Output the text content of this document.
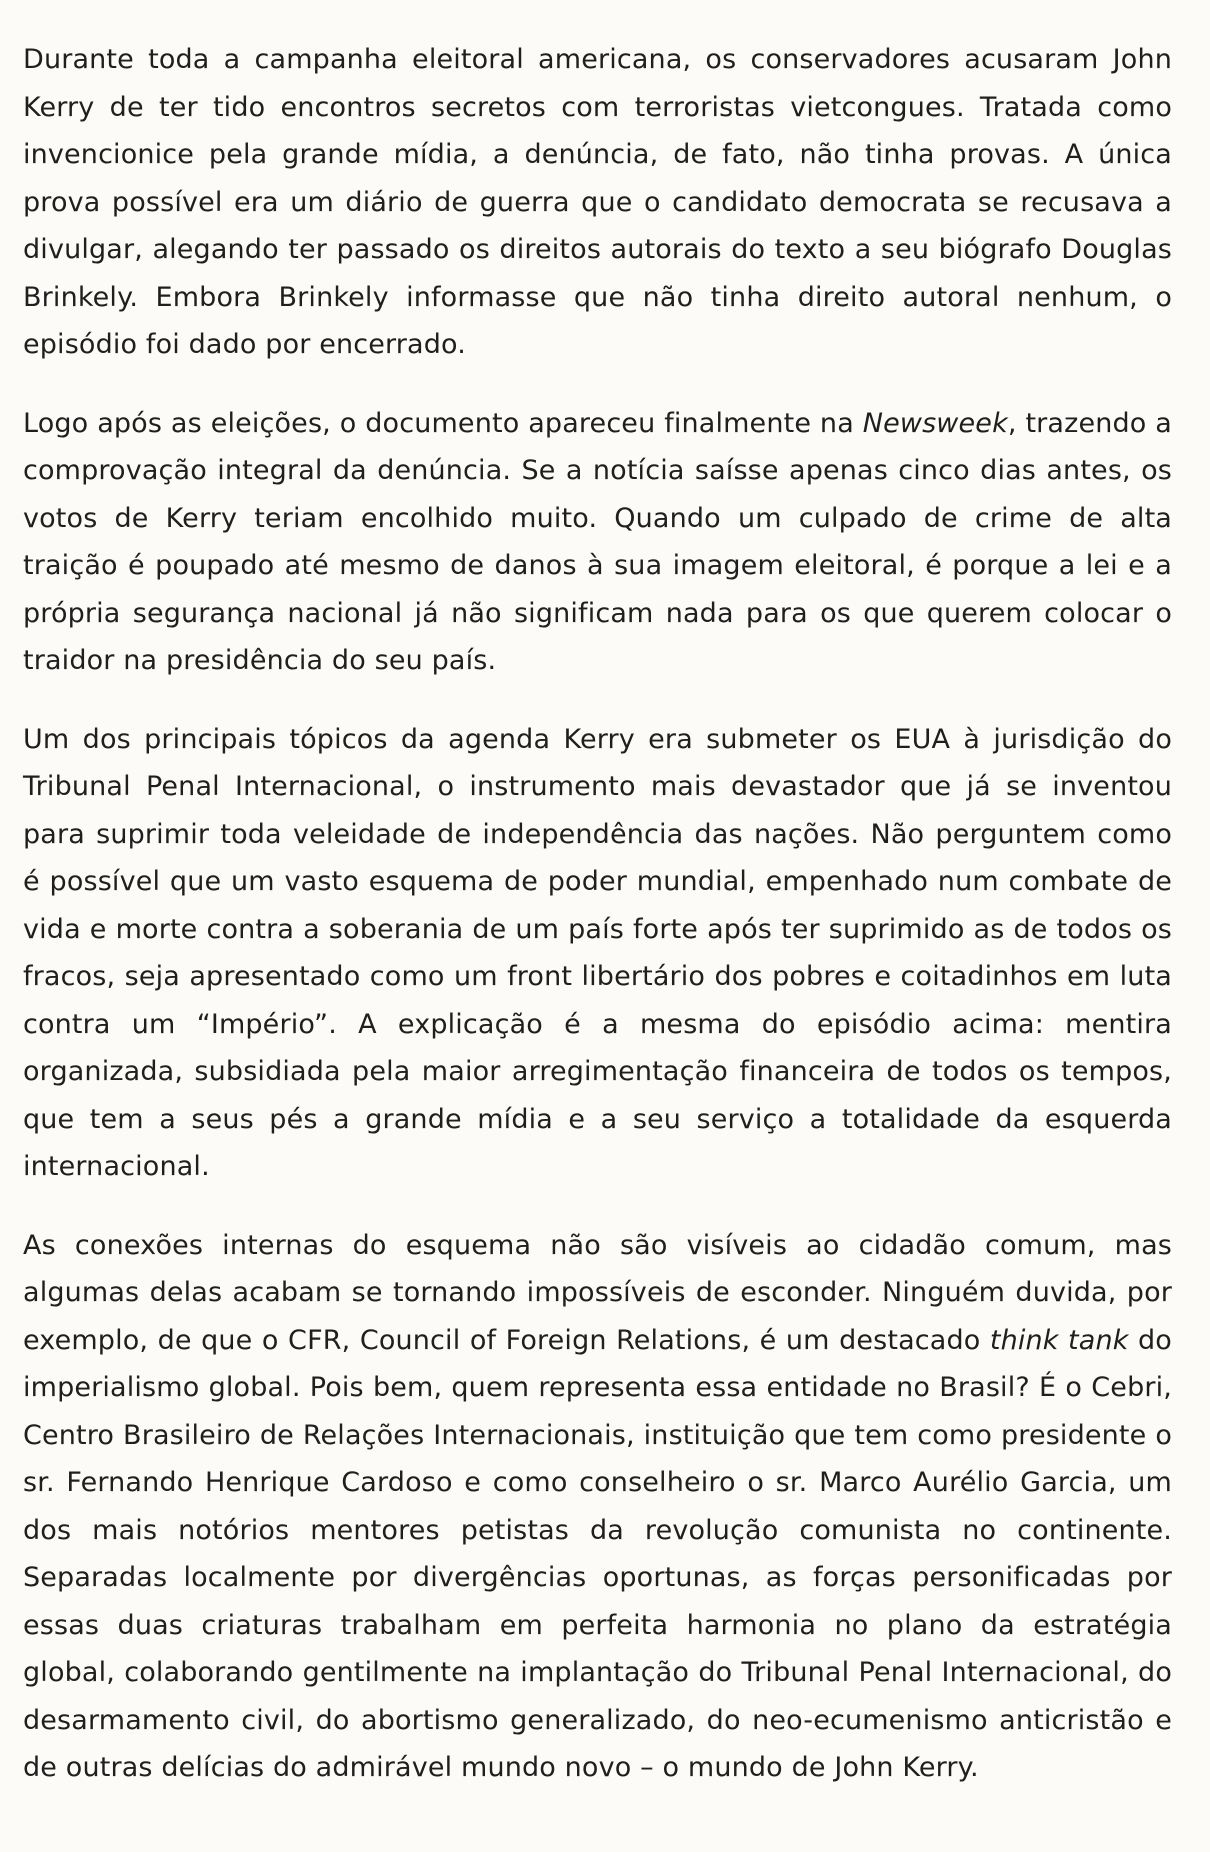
Durante toda a campanha eleitoral americana, os conservadores acusaram John Kerry de ter tido encontros secretos com terroristas vietcongues. Tratada como invencionice pela grande mídia, a denúncia, de fato, não tinha provas. A única prova possível era um diário de guerra que o candidato democrata se recusava a divulgar, alegando ter passado os direitos autorais do texto a seu biógrafo Douglas Brinkely. Embora Brinkely informasse que não tinha direito autoral nenhum, o episódio foi dado por encerrado.

Logo após as eleições, o documento apareceu finalmente na Newsweek, trazendo a comprovação integral da denúncia. Se a notícia saísse apenas cinco dias antes, os votos de Kerry teriam encolhido muito. Quando um culpado de crime de alta traição é poupado até mesmo de danos à sua imagem eleitoral, é porque a lei e a própria segurança nacional já não significam nada para os que querem colocar o traidor na presidência do seu país.

Um dos principais tópicos da agenda Kerry era submeter os EUA à jurisdição do Tribunal Penal Internacional, o instrumento mais devastador que já se inventou para suprimir toda veleidade de independência das nações. Não perguntem como é possível que um vasto esquema de poder mundial, empenhado num combate de vida e morte contra a soberania de um país forte após ter suprimido as de todos os fracos, seja apresentado como um front libertário dos pobres e coitadinhos em luta contra um “Império”. A explicação é a mesma do episódio acima: mentira organizada, subsidiada pela maior arregimentação financeira de todos os tempos, que tem a seus pés a grande mídia e a seu serviço a totalidade da esquerda internacional.

As conexões internas do esquema não são visíveis ao cidadão comum, mas algumas delas acabam se tornando impossíveis de esconder. Ninguém duvida, por exemplo, de que o CFR, Council of Foreign Relations, é um destacado think tank do imperialismo global. Pois bem, quem representa essa entidade no Brasil? É o Cebri, Centro Brasileiro de Relações Internacionais, instituição que tem como presidente o sr. Fernando Henrique Cardoso e como conselheiro o sr. Marco Aurélio Garcia, um dos mais notórios mentores petistas da revolução comunista no continente. Separadas localmente por divergências oportunas, as forças personificadas por essas duas criaturas trabalham em perfeita harmonia no plano da estratégia global, colaborando gentilmente na implantação do Tribunal Penal Internacional, do desarmamento civil, do abortismo generalizado, do neo-ecumenismo anticristão e de outras delícias do admirável mundo novo – o mundo de John Kerry.
